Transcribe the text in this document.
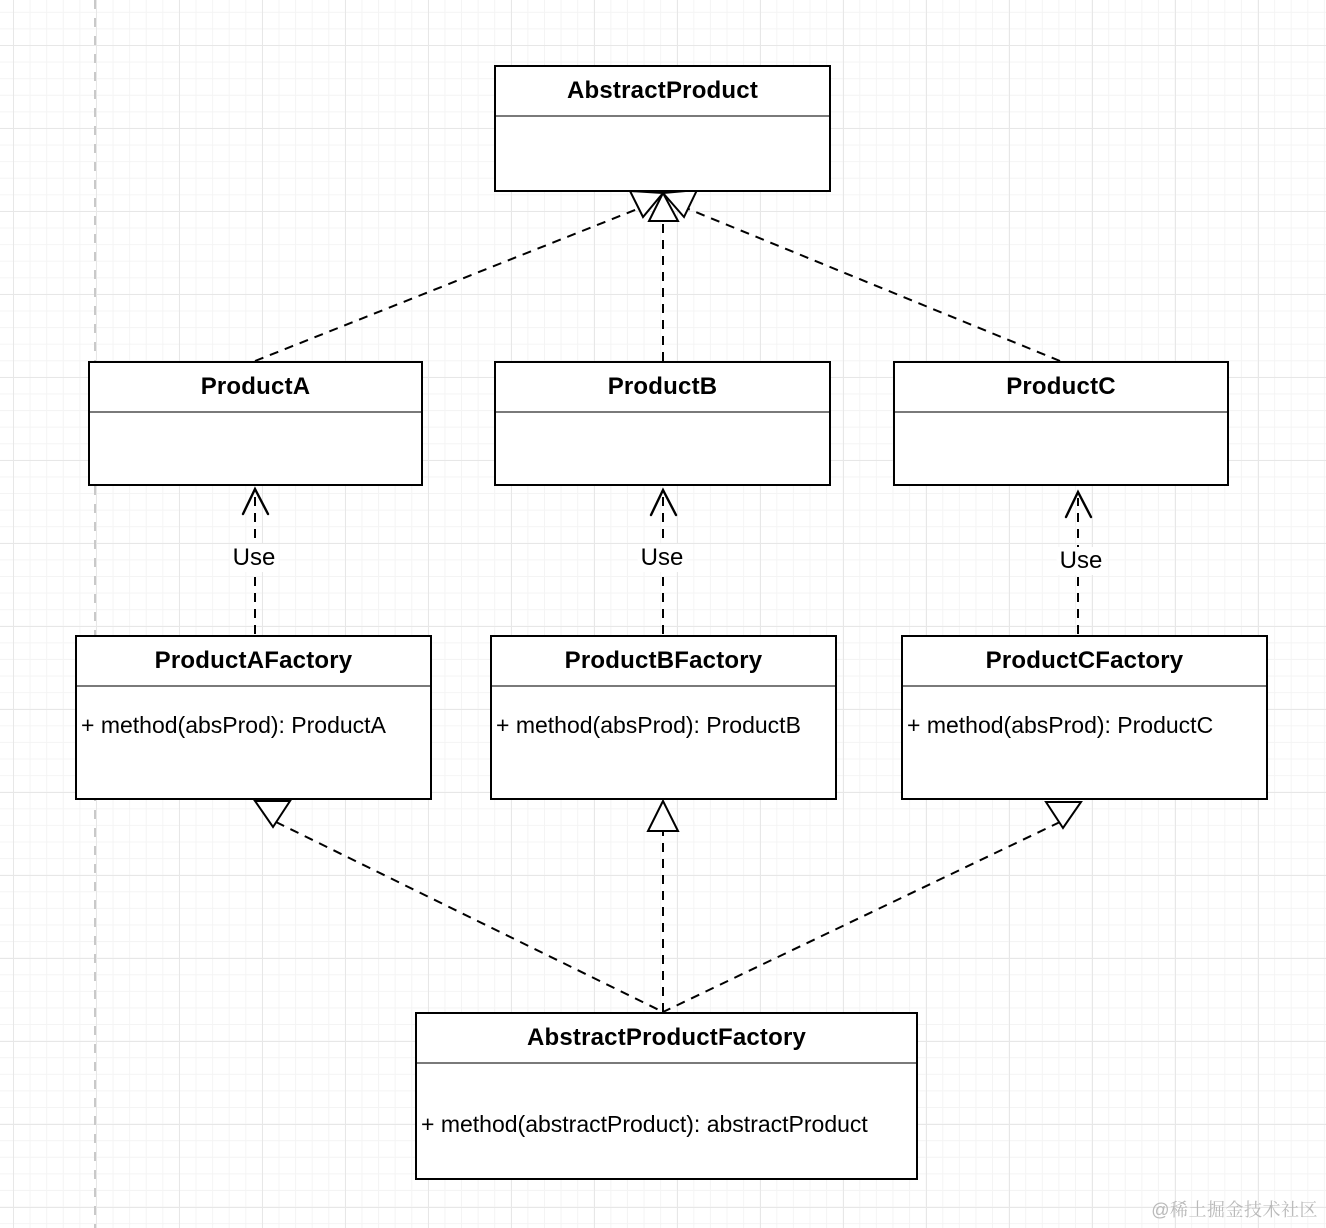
AbstractProduct
ProductA	ProductB	ProductC
ProductAFactory
+ method(absProd): ProductA
ProductBFactory
+ method(absProd): ProductB
ProductCFactory
+ method(absProd): ProductC
AbstractProductFactory
+ method(abstractProduct): abstractProduct
Use	Use	Use
@稀土掘金技术社区
